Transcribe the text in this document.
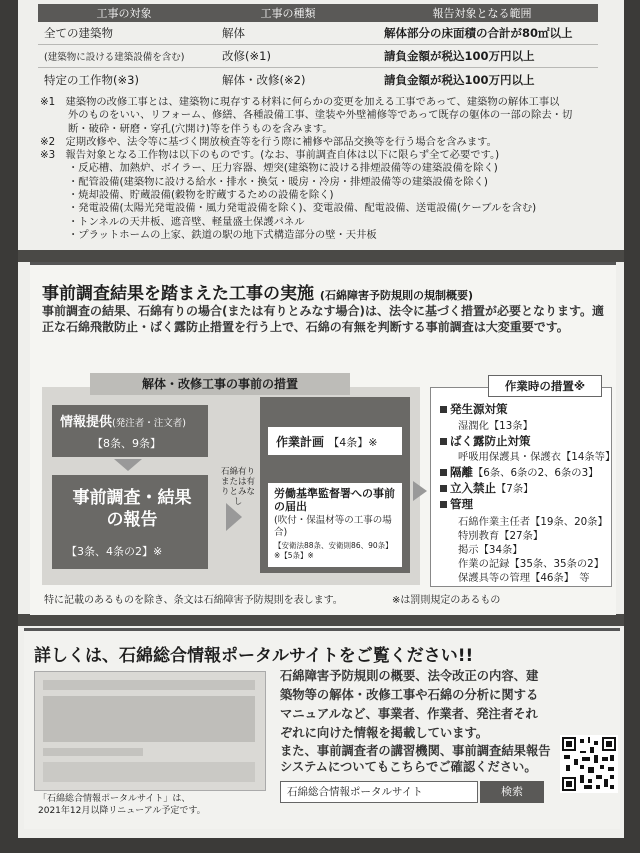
工事の対象	工事の種類	報告対象となる範囲
全ての建築物	解体	解体部分の床面積の合計が80㎡以上
(建築物に設ける建築設備を含む)	改修(※1)	請負金額が税込100万円以上
特定の工作物(※3)	解体・改修(※2)	請負金額が税込100万円以上

※1　建築物の改修工事とは、建築物に現存する材料に何らかの変更を加える工事であって、建築物の解体工事以

外のものをいい、リフォーム、修繕、各種設備工事、塗装や外壁補修等であって既存の躯体の一部の除去・切

断・破砕・研磨・穿孔(穴開け)等を伴うものを含みます。

※2　定期改修や、法令等に基づく開放検査等を行う際に補修や部品交換等を行う場合を含みます。

※3　報告対象となる工作物は以下のものです。(なお、事前調査自体は以下に限らず全て必要です。)

・反応槽、加熱炉、ボイラー、圧力容器、煙突(建築物に設ける排煙設備等の建築設備を除く)

・配管設備(建築物に設ける給水・排水・換気・暖房・冷房・排煙設備等の建築設備を除く)

・焼却設備、貯蔵設備(穀物を貯蔵するための設備を除く)

・発電設備(太陽光発電設備・風力発電設備を除く)、変電設備、配電設備、送電設備(ケーブルを含む)

・トンネルの天井板、遮音壁、軽量盛土保護パネル

・プラットホームの上家、鉄道の駅の地下式構造部分の壁・天井板

事前調査結果を踏まえた工事の実施 (石綿障害予防規則の規制概要)
事前調査の結果、石綿有りの場合(または有りとみなす場合)は、法令に基づく措置が必要となります。適正な石綿飛散防止・ばく露防止措置を行う上で、石綿の有無を判断する事前調査は大変重要です。
解体・改修工事の事前の措置
情報提供(発注者・注文者)
【8条、9条】
事前調査・結果の報告
【3条、4条の2】※
石綿有りまたは有りとみなし
作業計画 【4条】※
労働基準監督署への事前の届出
(吹付・保温材等の工事の場合)
【安衛法88条、安衛則86、90条】※【5条】※
作業時の措置※
発生源対策
湿潤化【13条】
ばく露防止対策
呼吸用保護具・保護衣【14条等】
隔離【6条、6条の2、6条の3】
立入禁止【7条】
管理
石綿作業主任者【19条、20条】
特別教育【27条】
掲示【34条】
作業の記録【35条、35条の2】
保護具等の管理【46条】　等
特に記載のあるものを除き、条文は石綿障害予防規則を表します。	※は罰則規定のあるもの
詳しくは、石綿総合情報ポータルサイトをご覧ください!!
「石綿総合情報ポータルサイト」は、
2021年12月以降リニューアル予定です。
石綿障害予防規則の概要、法令改正の内容、建築物等の解体・改修工事や石綿の分析に関するマニュアルなど、事業者、作業者、発注者それぞれに向けた情報を掲載しています。
また、事前調査者の講習機関、事前調査結果報告システムについてもこちらでご確認ください。
石綿総合情報ポータルサイト	検索
